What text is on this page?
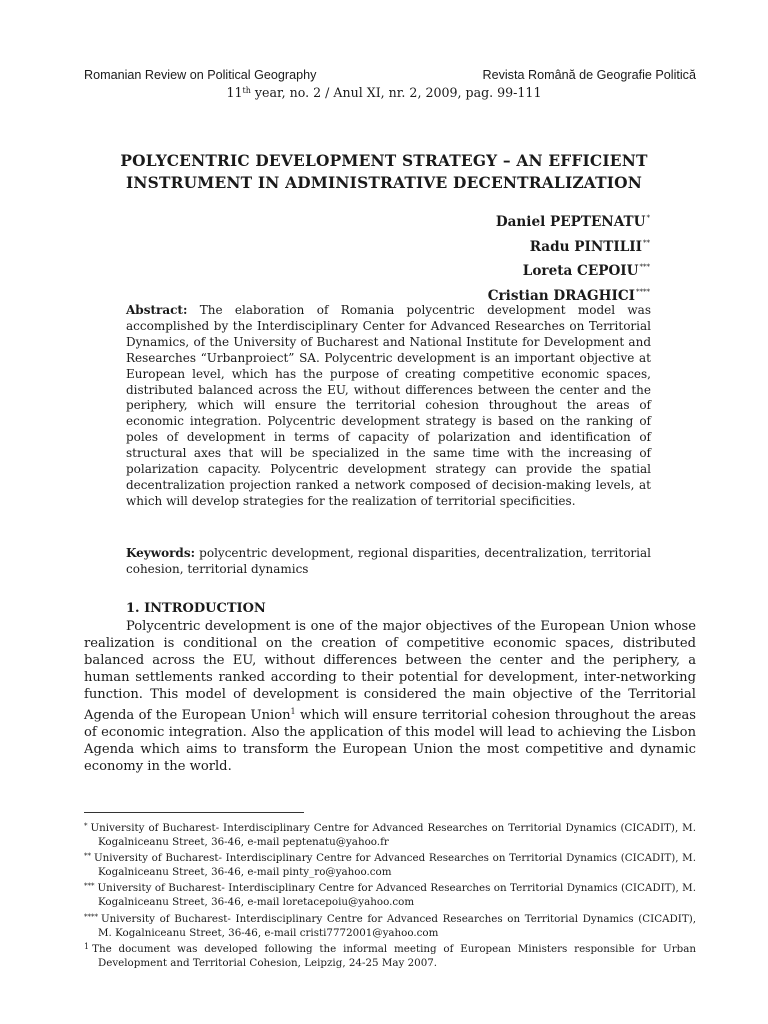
Romanian Review on Political Geography	Revista Română de Geografie Politică
11th year, no. 2 / Anul XI, nr. 2, 2009, pag. 99-111
POLYCENTRIC DEVELOPMENT STRATEGY – AN EFFICIENT
INSTRUMENT IN ADMINISTRATIVE DECENTRALIZATION
Daniel PEPTENATU*
Radu PINTILII**
Loreta CEPOIU***
Cristian DRAGHICI****
Abstract: The elaboration of Romania polycentric development model was accomplished by the Interdisciplinary Center for Advanced Researches on Territorial Dynamics, of the University of Bucharest and National Institute for Development and Researches “Urbanproiect” SA. Polycentric development is an important objective at European level, which has the purpose of creating competitive economic spaces, distributed balanced across the EU, without differences between the center and the periphery, which will ensure the territorial cohesion throughout the areas of economic integration. Polycentric development strategy is based on the ranking of poles of development in terms of capacity of polarization and identification of structural axes that will be specialized in the same time with the increasing of polarization capacity. Polycentric development strategy can provide the spatial decentralization projection ranked a network composed of decision-making levels, at which will develop strategies for the realization of territorial specificities.
Keywords: polycentric development, regional disparities, decentralization, territorial cohesion, territorial dynamics
1. INTRODUCTION
Polycentric development is one of the major objectives of the European Union whose realization is conditional on the creation of competitive economic spaces, distributed balanced across the EU, without differences between the center and the periphery, a human settlements ranked according to their potential for development, inter-networking function. This model of development is considered the main objective of the Territorial Agenda of the European Union$^1$ which will ensure territorial cohesion throughout the areas of economic integration. Also the application of this model will lead to achieving the Lisbon Agenda which aims to transform the European Union the most competitive and dynamic economy in the world.
* University of Bucharest- Interdisciplinary Centre for Advanced Researches on Territorial Dynamics (CICADIT), M. Kogalniceanu Street, 36-46, e-mail peptenatu@yahoo.fr
** University of Bucharest- Interdisciplinary Centre for Advanced Researches on Territorial Dynamics (CICADIT), M. Kogalniceanu Street, 36-46, e-mail pinty_ro@yahoo.com
*** University of Bucharest- Interdisciplinary Centre for Advanced Researches on Territorial Dynamics (CICADIT), M. Kogalniceanu Street, 36-46, e-mail loretacepoiu@yahoo.com
**** University of Bucharest- Interdisciplinary Centre for Advanced Researches on Territorial Dynamics (CICADIT), M. Kogalniceanu Street, 36-46, e-mail cristi7772001@yahoo.com
1 The document was developed following the informal meeting of European Ministers responsible for Urban Development and Territorial Cohesion, Leipzig, 24-25 May 2007.
